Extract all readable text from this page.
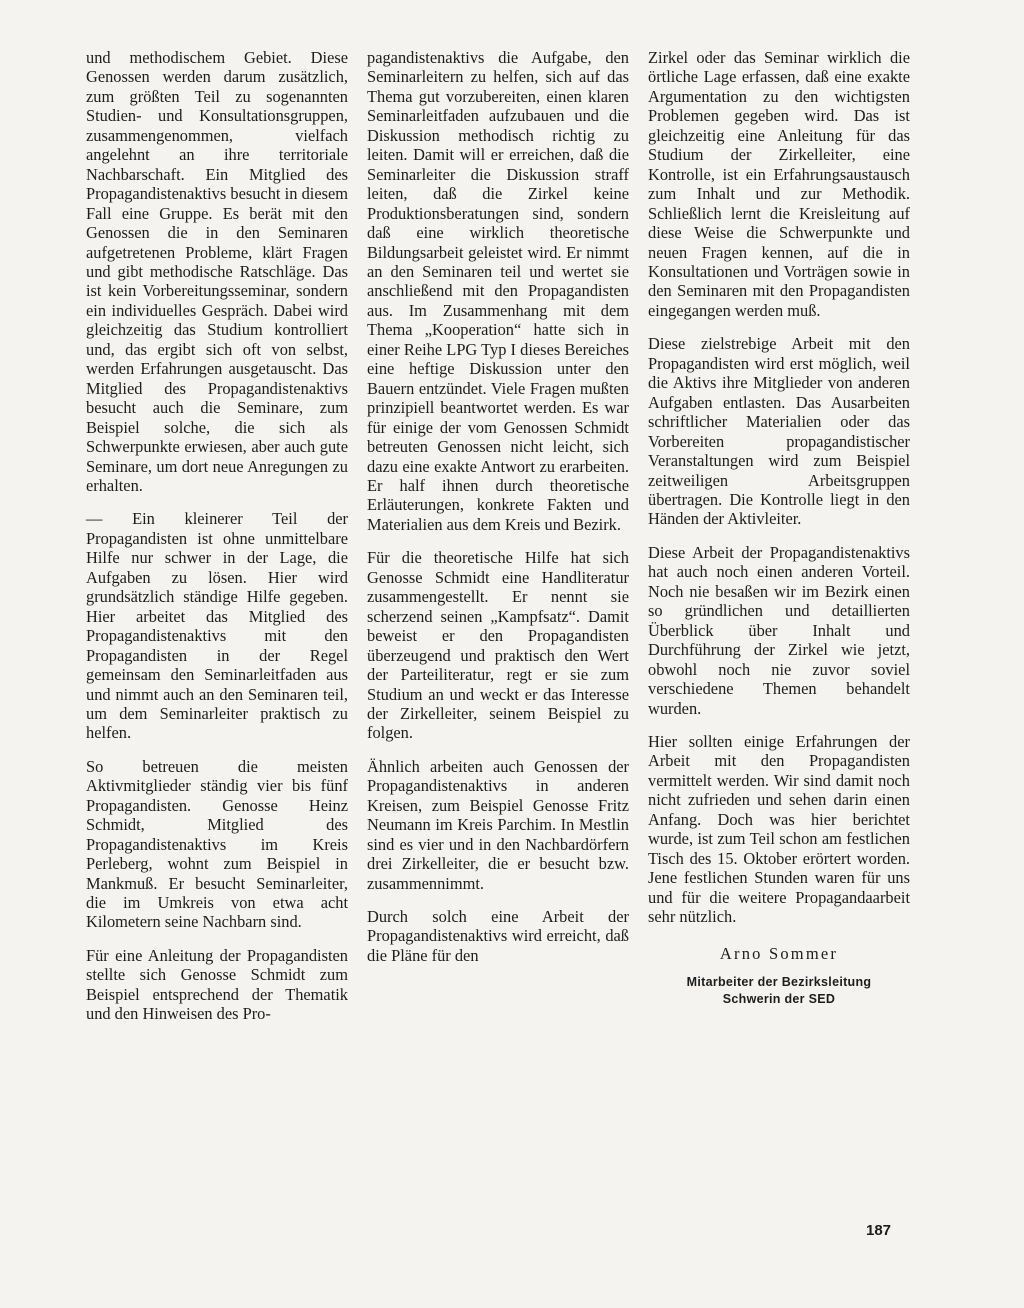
und methodischem Gebiet. Diese Genossen werden darum zusätzlich, zum größten Teil zu sogenannten Studien- und Konsultationsgruppen, zusammengenommen, vielfach angelehnt an ihre territoriale Nachbarschaft. Ein Mitglied des Propagandistenaktivs besucht in diesem Fall eine Gruppe. Es berät mit den Genossen die in den Seminaren aufgetretenen Probleme, klärt Fragen und gibt methodische Ratschläge. Das ist kein Vorbereitungsseminar, sondern ein individuelles Gespräch. Dabei wird gleichzeitig das Studium kontrolliert und, das ergibt sich oft von selbst, werden Erfahrungen ausgetauscht. Das Mitglied des Propagandistenaktivs besucht auch die Seminare, zum Beispiel solche, die sich als Schwerpunkte erwiesen, aber auch gute Seminare, um dort neue Anregungen zu erhalten.

— Ein kleinerer Teil der Propagandisten ist ohne unmittelbare Hilfe nur schwer in der Lage, die Aufgaben zu lösen. Hier wird grundsätzlich ständige Hilfe gegeben. Hier arbeitet das Mitglied des Propagandistenaktivs mit den Propagandisten in der Regel gemeinsam den Seminarleitfaden aus und nimmt auch an den Seminaren teil, um dem Seminarleiter praktisch zu helfen.

So betreuen die meisten Aktivmitglieder ständig vier bis fünf Propagandisten. Genosse Heinz Schmidt, Mitglied des Propagandistenaktivs im Kreis Perleberg, wohnt zum Beispiel in Mankmuß. Er besucht Seminarleiter, die im Umkreis von etwa acht Kilometern seine Nachbarn sind.

Für eine Anleitung der Propagandisten stellte sich Genosse Schmidt zum Beispiel entsprechend der Thematik und den Hinweisen des Pro-

pagandistenaktivs die Aufgabe, den Seminarleitern zu helfen, sich auf das Thema gut vorzubereiten, einen klaren Seminarleitfaden aufzubauen und die Diskussion methodisch richtig zu leiten. Damit will er erreichen, daß die Seminarleiter die Diskussion straff leiten, daß die Zirkel keine Produktionsberatungen sind, sondern daß eine wirklich theoretische Bildungsarbeit geleistet wird. Er nimmt an den Seminaren teil und wertet sie anschließend mit den Propagandisten aus. Im Zusammenhang mit dem Thema „Kooperation“ hatte sich in einer Reihe LPG Typ I dieses Bereiches eine heftige Diskussion unter den Bauern entzündet. Viele Fragen mußten prinzipiell beantwortet werden. Es war für einige der vom Genossen Schmidt betreuten Genossen nicht leicht, sich dazu eine exakte Antwort zu erarbeiten. Er half ihnen durch theoretische Erläuterungen, konkrete Fakten und Materialien aus dem Kreis und Bezirk.

Für die theoretische Hilfe hat sich Genosse Schmidt eine Handliteratur zusammengestellt. Er nennt sie scherzend seinen „Kampfsatz“. Damit beweist er den Propagandisten überzeugend und praktisch den Wert der Parteiliteratur, regt er sie zum Studium an und weckt er das Interesse der Zirkelleiter, seinem Beispiel zu folgen.

Ähnlich arbeiten auch Genossen der Propagandistenaktivs in anderen Kreisen, zum Beispiel Genosse Fritz Neumann im Kreis Parchim. In Mestlin sind es vier und in den Nachbardörfern drei Zirkelleiter, die er besucht bzw. zusammennimmt.

Durch solch eine Arbeit der Propagandistenaktivs wird erreicht, daß die Pläne für den

Zirkel oder das Seminar wirklich die örtliche Lage erfassen, daß eine exakte Argumentation zu den wichtigsten Problemen gegeben wird. Das ist gleichzeitig eine Anleitung für das Studium der Zirkelleiter, eine Kontrolle, ist ein Erfahrungsaustausch zum Inhalt und zur Methodik. Schließlich lernt die Kreisleitung auf diese Weise die Schwerpunkte und neuen Fragen kennen, auf die in Konsultationen und Vorträgen sowie in den Seminaren mit den Propagandisten eingegangen werden muß.

Diese zielstrebige Arbeit mit den Propagandisten wird erst möglich, weil die Aktivs ihre Mitglieder von anderen Aufgaben entlasten. Das Ausarbeiten schriftlicher Materialien oder das Vorbereiten propagandistischer Veranstaltungen wird zum Beispiel zeitweiligen Arbeitsgruppen übertragen. Die Kontrolle liegt in den Händen der Aktivleiter.

Diese Arbeit der Propagandistenaktivs hat auch noch einen anderen Vorteil. Noch nie besaßen wir im Bezirk einen so gründlichen und detaillierten Überblick über Inhalt und Durchführung der Zirkel wie jetzt, obwohl noch nie zuvor soviel verschiedene Themen behandelt wurden.

Hier sollten einige Erfahrungen der Arbeit mit den Propagandisten vermittelt werden. Wir sind damit noch nicht zufrieden und sehen darin einen Anfang. Doch was hier berichtet wurde, ist zum Teil schon am festlichen Tisch des 15. Oktober erörtert worden. Jene festlichen Stunden waren für uns und für die weitere Propagandaarbeit sehr nützlich.

Arno Sommer
Mitarbeiter der Bezirksleitung
Schwerin der SED
187
